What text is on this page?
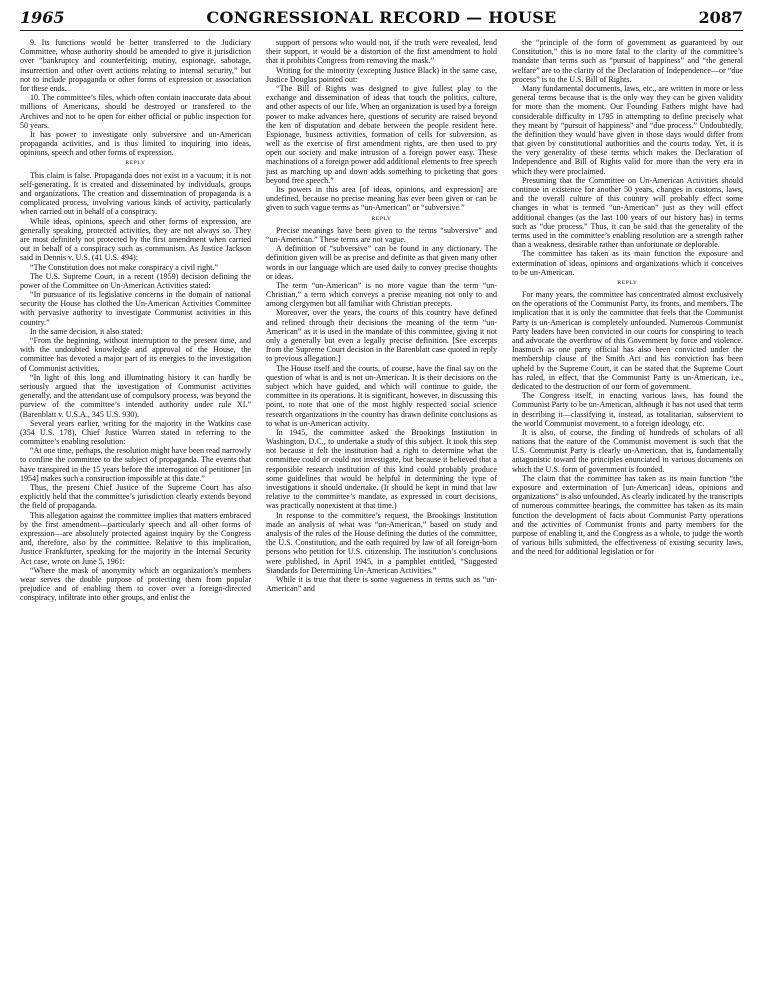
1965	CONGRESSIONAL RECORD — HOUSE	2087

9. Its functions would be better transferred to the Judiciary Committee, whose authority should be amended to give it jurisdiction over “bankruptcy and counterfeiting; mutiny, espionage, sabotage, insurrection and other overt actions relating to internal security,” but not to include propaganda or other forms of expression or association for these ends.

10. The committee’s files, which often contain inaccurate data about millions of Americans, should be destroyed or transfered to the Archives and not to be open for either official or public inspection for 50 years.

It has power to investigate only subversive and un-American propaganda activities, and is thus limited to inquiring into ideas, opinions, speech and other forms of expression.

REPLY

This claim is false. Propaganda does not exist in a vacuum; it is not self-generating. It is created and disseminated by individuals, groups and organizations. The creation and dissemination of propaganda is a complicated process, involving various kinds of activity, particularly when carried out in behalf of a conspiracy.

While ideas, opinions, speech and other forms of expression, are generally speaking, protected activities, they are not always so. They are most definitely not protected by the first amendment when carried out in behalf of a conspiracy such as communism. As Justice Jackson said in Dennis v. U.S. (41 U.S. 494):

“The Constitution does not make conspiracy a civil right.”

The U.S. Supreme Court, in a recent (1959) decision defining the power of the Committee on Un-American Activities stated:

“In pursuance of its legislative concerns in the domain of national security the House has clothed the Un-American Activities Committee with pervasive authority to investigate Communist activities in this country.”

In the same decision, it also stated:

“From the beginning, without interruption to the present time, and with the undoubted knowledge and approval of the House, the committee has devoted a major part of its energies to the investigation of Communist activities.

“In light of this long and illuminating history it can hardly be seriously argued that the investigation of Communist activities generally, and the attendant use of compulsory process, was beyond the purview of the committee’s intended authority under rule XI.” (Barenblatt v. U.S.A., 345 U.S. 930).

Several years earlier, writing for the majority in the Watkins case (354 U.S. 178), Chief Justice Warren stated in referring to the committee’s enabling resolution:

“At one time, perhaps, the resolution might have been read narrowly to confine the committee to the subject of propaganda. The events that have transpired in the 15 years before the interrogation of petitioner [in 1954] makes such a construction impossible at this date.”

Thus, the present Chief Justice of the Supreme Court has also explicitly held that the committee’s jurisdiction clearly extends beyond the field of propaganda.

This allegation against the committee implies that matters embraced by the first amendment—particularly speech and all other forms of expression—are absolutely protected against inquiry by the Congress and, therefore, also by the committee. Relative to this implication, Justice Frankfurter, speaking for the majority in the Internal Security Act case, wrote on June 5, 1961:

“Where the mask of anonymity which an organization’s members wear serves the double purpose of protecting them from popular prejudice and of enabling them to cover over a foreign-directed conspiracy, infiltrate into other groups, and enlist the

support of persons who would not, if the truth were revealed, lend their support, it would be a distortion of the first amendment to hold that it prohibits Congress from removing the mask.”

Writing for the minority (excepting Justice Black) in the same case, Justice Douglas pointed out:

“The Bill of Rights was designed to give fullest play to the exchange and dissemination of ideas that touch the politics, culture, and other aspects of our life. When an organization is used by a foreign power to make advances here, questions of security are raised beyond the ken of disputation and debate between the people resident here. Espionage, business activities, formation of cells for subversion, as well as the exercise of first amendment rights, are then used to pry open our society and make intrusion of a foreign power easy. These machinations of a foreign power add additional elements to free speech just as marching up and down adds something to picketing that goes beyond free speech.”

Its powers in this area [of ideas, opinions, and expression] are undefined, because no precise meaning has ever been given or can be given to such vague terms as “un-American” or “subversive.”

REPLY

Precise meanings have been given to the terms “subversive” and “un-American.” These terms are not vague.

A definition of “subversive” can be found in any dictionary. The definition given will be as precise and definite as that given many other words in our language which are used daily to convey precise thoughts or ideas.

The term “un-American” is no more vague than the term “un-Christian,” a term which conveys a precise meaning not only to and among clergymen but all familiar with Christian precepts.

Moreover, over the years, the courts of this country have defined and refined through their decisions the meaning of the term “un-American” as it is used in the mandate of this committee, giving it not only a generally but even a legally precise definition. [See excerpts from the Supreme Court decision in the Barenblatt case quoted in reply to previous allegation.]

The House itself and the courts, of course, have the final say on the question of what is and is not un-American. It is their decisions on the subject which have guided, and which will continue to guide, the committee in its operations. It is significant, however, in discussing this point, to note that one of the most highly respected social science research organizations in the country has drawn definite conclusions as to what is un-American activity.

In 1945, the committee asked the Brookings Institution in Washington, D.C., to undertake a study of this subject. It took this step not because it felt the institution had a right to determine what the committee could or could not investigate, but because it believed that a responsible research institution of this kind could probably produce some guidelines that would be helpful in determining the type of investigations it should undertake. (It should be kept in mind that law relative to the committee’s mandate, as expressed in court decisions, was practically nonexistent at that time.)

In response to the committee’s request, the Brookings Institution made an analysis of what was “un-American,” based on study and analysis of the rules of the House defining the duties of the committee, the U.S. Constitution, and the oath required by law of all foreign-born persons who petition for U.S. citizenship. The institution’s conclusions were published, in April 1945, in a pamphlet entitled, “Suggested Standards for Determining Un-American Activities.”

While it is true that there is some vagueness in terms such as “un-American” and

the “principle of the form of government as guaranteed by our Constitution,” this is no more fatal to the clarity of the committee’s mandate than terms such as “pursuit of happiness” and “the general welfare” are to the clarity of the Declaration of Independence—or “due process” is to the U.S. Bill of Rights.

Many fundamental documents, laws, etc., are written in more or less general terms because that is the only way they can be given validity for more than the moment. Our Founding Fathers might have had considerable difficulty in 1795 in attempting to define precisely what they meant by “pursuit of happiness” and “due process.” Undoubtedly, the definition they would have given in those days would differ from that given by constitutional authorities and the courts today. Yet, it is the very generality of these terms which makes the Declaration of Independence and Bill of Rights valid for more than the very era in which they were proclaimed.

Presuming that the Committee on Un-American Activities should continue in existence for another 50 years, changes in customs, laws, and the overall culture of this country will probably effect some changes in what is termed “un-American” just as they will effect additional changes (as the last 100 years of our history has) in terms such as “due process.” Thus, it can be said that the generality of the terms used in the committee’s enabling resolution are a strength rather than a weakness, desirable rather than unfortunate or deplorable.

The committee has taken as its main function the exposure and extermination of ideas, opinions and organizations which it conceives to be un-American.

REPLY

For many years, the committee has concentrated almost exclusively on the operations of the Communist Party, its fronts, and members. The implication that it is only the committee that feels that the Communist Party is un-American is completely unfounded. Numerous Communist Party leaders have been convicted in our courts for conspiring to teach and advocate the overthrow of this Government by force and violence. Inasmuch as one party official has also been convicted under the membership clause of the Smith Act and his conviction has been upheld by the Supreme Court, it can be stated that the Supreme Court has ruled, in effect, that the Communist Party is un-American, i.e., dedicated to the destruction of our form of government.

The Congress itself, in enacting various laws, has found the Communist Party to be un-American, although it has not used that term in describing it—classifying it, instead, as totalitarian, subservient to the world Communist movement, to a foreign ideology, etc.

It is also, of course, the finding of hundreds of scholars of all nations that the nature of the Communist movement is such that the U.S. Communist Party is clearly un-American, that is, fundamentally antagonistic toward the principles enunciated in various documents on which the U.S. form of government is founded.

The claim that the committee has taken as its main function “the exposure and extermination of [un-American] ideas, opinions and organizations” is also unfounded. As clearly indicated by the transcripts of numerous committee hearings, the committee has taken as its main function the development of facts about Communist Party operations and the activities of Communist fronts and party members for the purpose of enabling it, and the Congress as a whole, to judge the worth of various bills submitted, the effectiveness of existing security laws, and the need for additional legislation or for
